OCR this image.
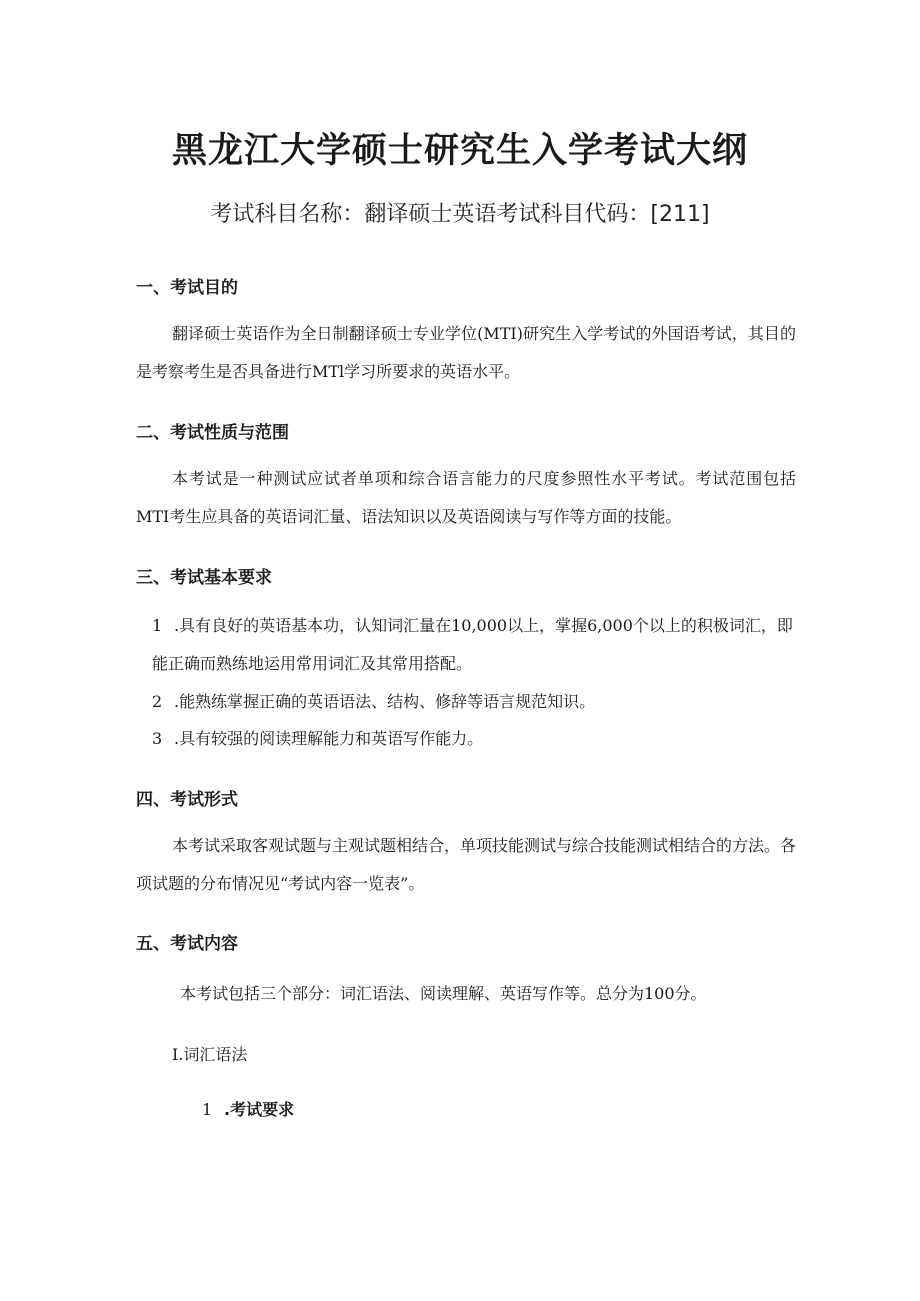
黑龙江大学硕士研究生入学考试大纲
考试科目名称：翻译硕士英语考试科目代码：[211]
一、考试目的
翻译硕士英语作为全日制翻译硕士专业学位(MTI)研究生入学考试的外国语考试，其目的是考察考生是否具备进行MTl学习所要求的英语水平。
二、考试性质与范围
本考试是一种测试应试者单项和综合语言能力的尺度参照性水平考试。考试范围包括MTI考生应具备的英语词汇量、语法知识以及英语阅读与写作等方面的技能。
三、考试基本要求
1 .具有良好的英语基本功，认知词汇量在10,000以上，掌握6,000个以上的积极词汇，即能正确而熟练地运用常用词汇及其常用搭配。
2 .能熟练掌握正确的英语语法、结构、修辞等语言规范知识。
3 .具有较强的阅读理解能力和英语写作能力。
四、考试形式
本考试采取客观试题与主观试题相结合，单项技能测试与综合技能测试相结合的方法。各项试题的分布情况见“考试内容一览表”。
五、考试内容
本考试包括三个部分：词汇语法、阅读理解、英语写作等。总分为100分。
I.词汇语法
1 .考试要求
